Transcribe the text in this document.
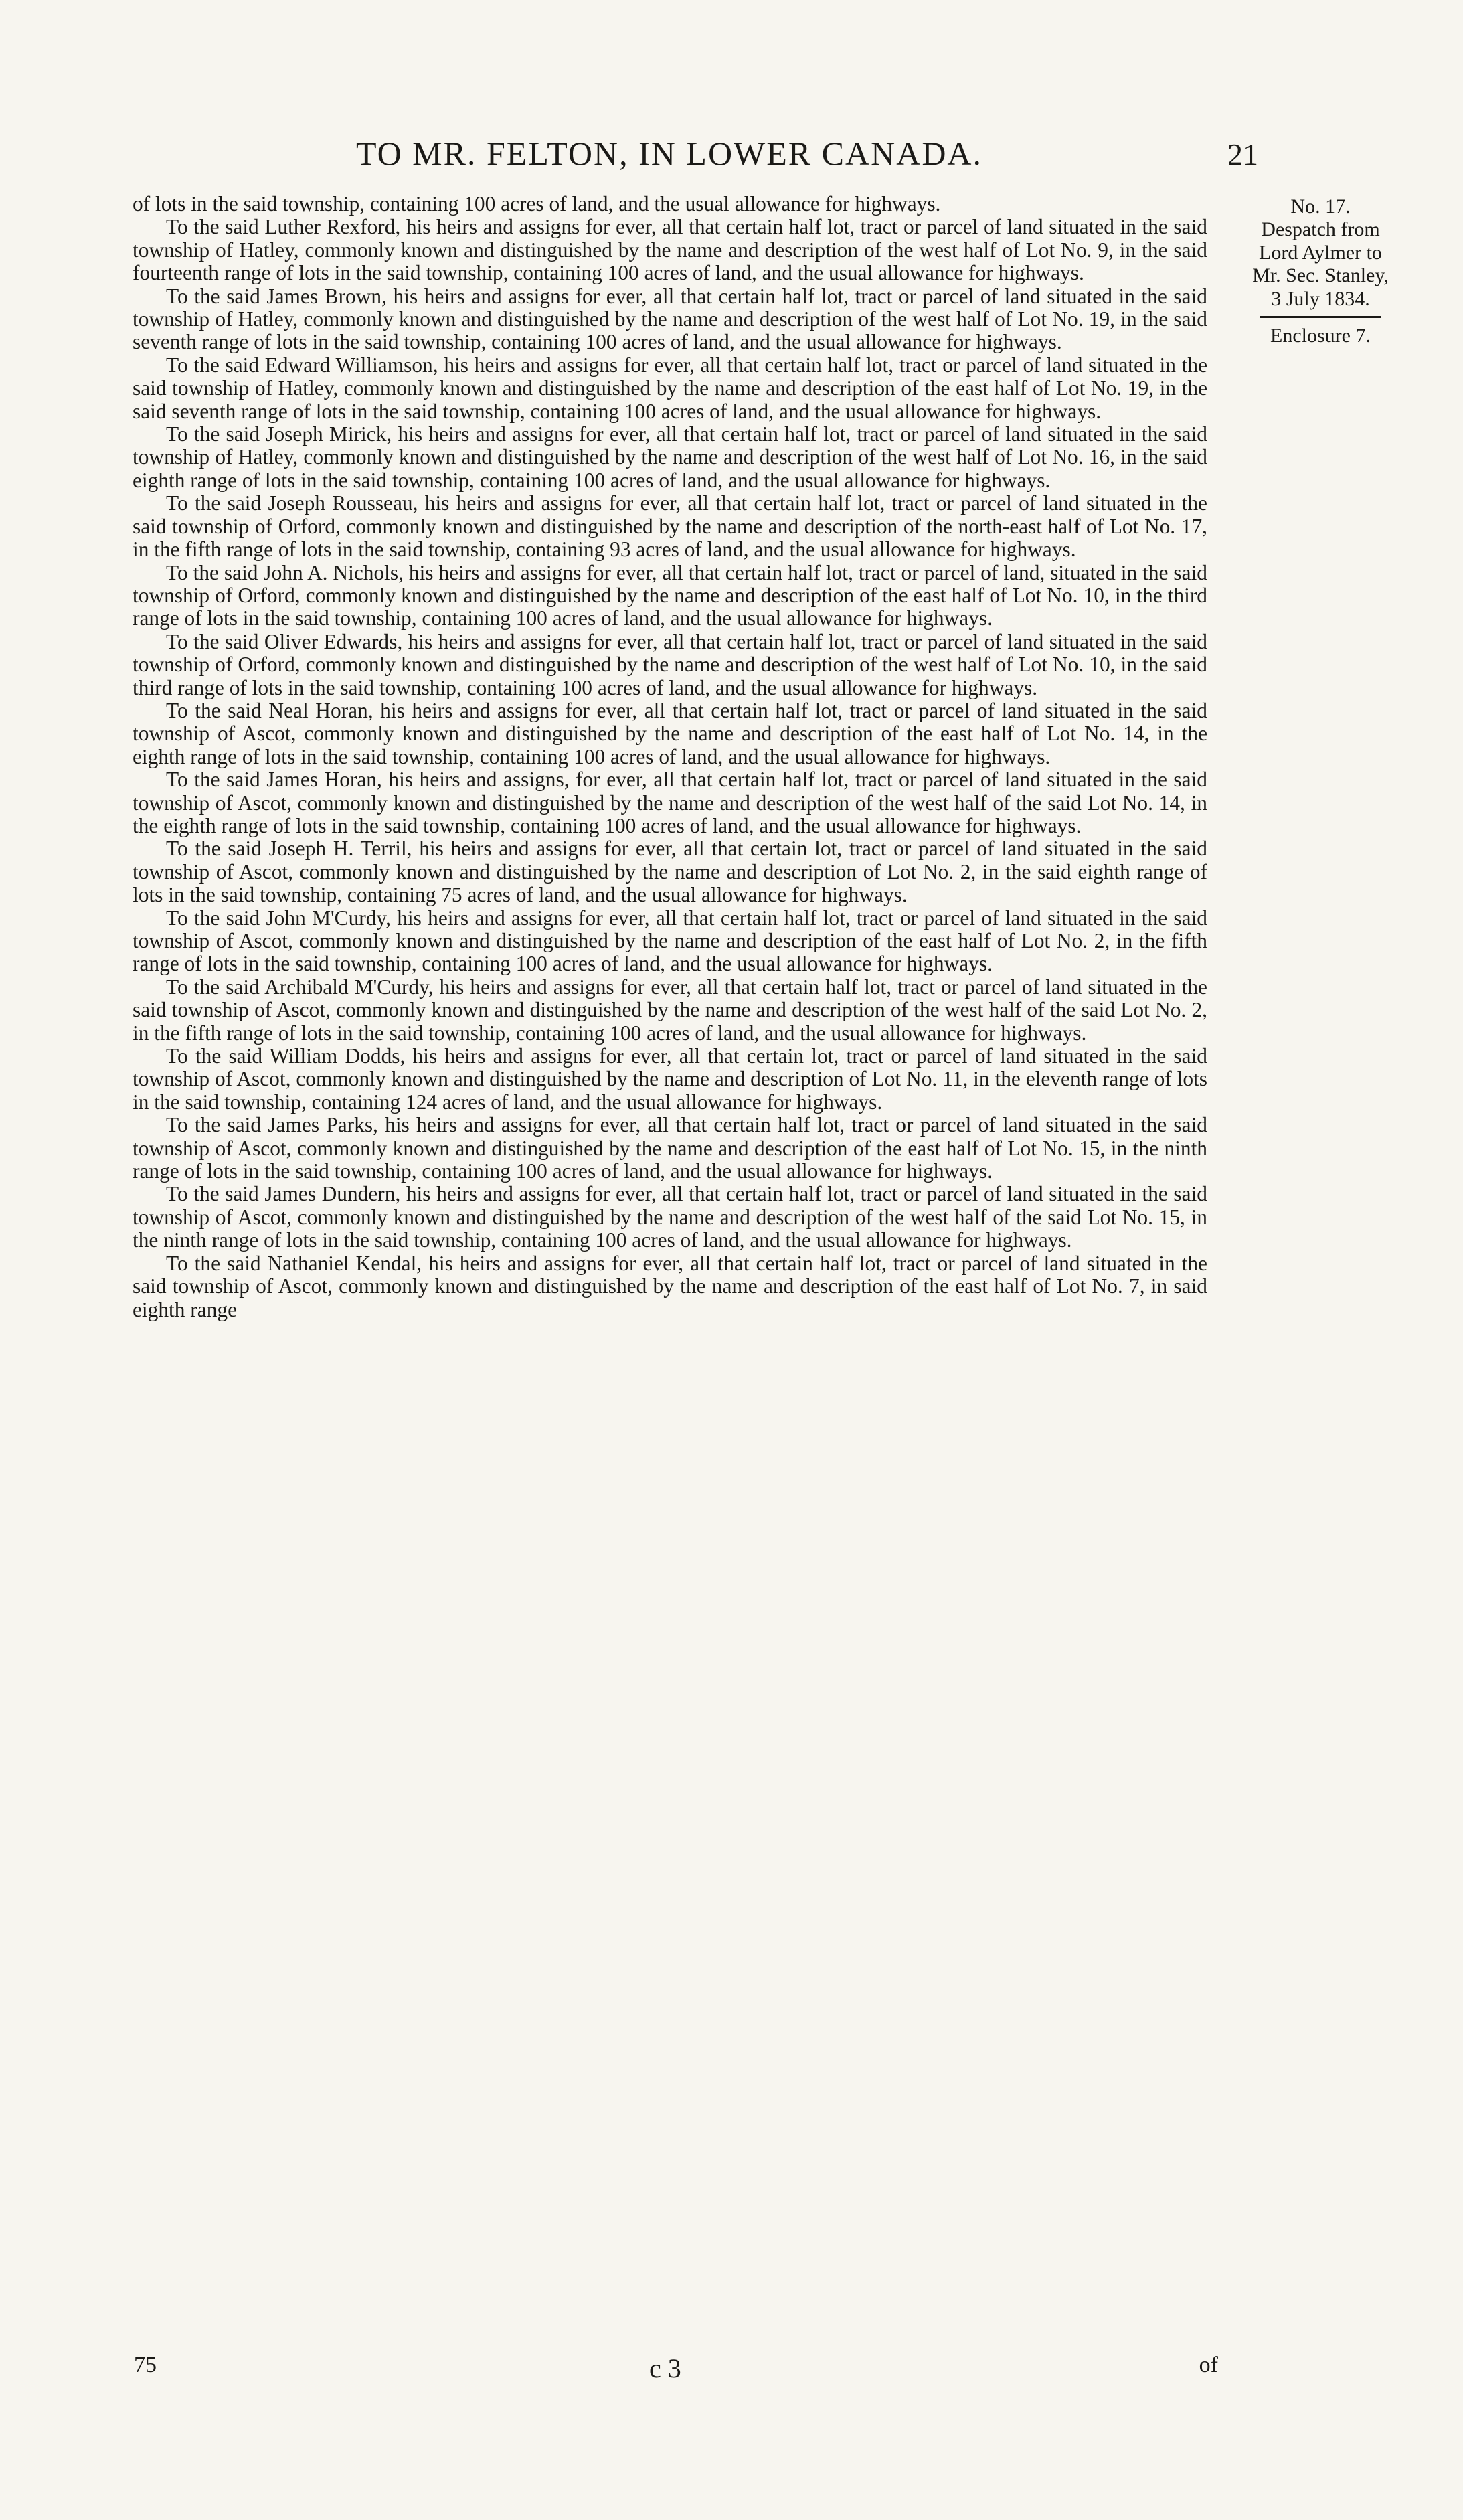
TO MR. FELTON, IN LOWER CANADA.	21
No. 17.
Despatch from
Lord Aylmer to
Mr. Sec. Stanley,
3 July 1834.
Enclosure 7.

of lots in the said township, containing 100 acres of land, and the usual allowance for highways.

To the said Luther Rexford, his heirs and assigns for ever, all that certain half lot, tract or parcel of land situated in the said township of Hatley, commonly known and distinguished by the name and description of the west half of Lot No. 9, in the said fourteenth range of lots in the said township, containing 100 acres of land, and the usual allowance for highways.

To the said James Brown, his heirs and assigns for ever, all that certain half lot, tract or parcel of land situated in the said township of Hatley, commonly known and distinguished by the name and description of the west half of Lot No. 19, in the said seventh range of lots in the said township, containing 100 acres of land, and the usual allowance for highways.

To the said Edward Williamson, his heirs and assigns for ever, all that certain half lot, tract or parcel of land situated in the said township of Hatley, commonly known and distinguished by the name and description of the east half of Lot No. 19, in the said seventh range of lots in the said township, containing 100 acres of land, and the usual allowance for highways.

To the said Joseph Mirick, his heirs and assigns for ever, all that certain half lot, tract or parcel of land situated in the said township of Hatley, commonly known and distinguished by the name and description of the west half of Lot No. 16, in the said eighth range of lots in the said township, containing 100 acres of land, and the usual allowance for highways.

To the said Joseph Rousseau, his heirs and assigns for ever, all that certain half lot, tract or parcel of land situated in the said township of Orford, commonly known and distinguished by the name and description of the north-east half of Lot No. 17, in the fifth range of lots in the said township, containing 93 acres of land, and the usual allowance for highways.

To the said John A. Nichols, his heirs and assigns for ever, all that certain half lot, tract or parcel of land, situated in the said township of Orford, commonly known and distinguished by the name and description of the east half of Lot No. 10, in the third range of lots in the said township, containing 100 acres of land, and the usual allowance for highways.

To the said Oliver Edwards, his heirs and assigns for ever, all that certain half lot, tract or parcel of land situated in the said township of Orford, commonly known and distinguished by the name and description of the west half of Lot No. 10, in the said third range of lots in the said township, containing 100 acres of land, and the usual allowance for highways.

To the said Neal Horan, his heirs and assigns for ever, all that certain half lot, tract or parcel of land situated in the said township of Ascot, commonly known and distinguished by the name and description of the east half of Lot No. 14, in the eighth range of lots in the said township, containing 100 acres of land, and the usual allowance for highways.

To the said James Horan, his heirs and assigns, for ever, all that certain half lot, tract or parcel of land situated in the said township of Ascot, commonly known and distinguished by the name and description of the west half of the said Lot No. 14, in the eighth range of lots in the said township, containing 100 acres of land, and the usual allowance for highways.

To the said Joseph H. Terril, his heirs and assigns for ever, all that certain lot, tract or parcel of land situated in the said township of Ascot, commonly known and distinguished by the name and description of Lot No. 2, in the said eighth range of lots in the said township, containing 75 acres of land, and the usual allowance for highways.

To the said John M'Curdy, his heirs and assigns for ever, all that certain half lot, tract or parcel of land situated in the said township of Ascot, commonly known and distinguished by the name and description of the east half of Lot No. 2, in the fifth range of lots in the said township, containing 100 acres of land, and the usual allowance for highways.

To the said Archibald M'Curdy, his heirs and assigns for ever, all that certain half lot, tract or parcel of land situated in the said township of Ascot, commonly known and distinguished by the name and description of the west half of the said Lot No. 2, in the fifth range of lots in the said township, containing 100 acres of land, and the usual allowance for highways.

To the said William Dodds, his heirs and assigns for ever, all that certain lot, tract or parcel of land situated in the said township of Ascot, commonly known and distinguished by the name and description of Lot No. 11, in the eleventh range of lots in the said township, containing 124 acres of land, and the usual allowance for highways.

To the said James Parks, his heirs and assigns for ever, all that certain half lot, tract or parcel of land situated in the said township of Ascot, commonly known and distinguished by the name and description of the east half of Lot No. 15, in the ninth range of lots in the said township, containing 100 acres of land, and the usual allowance for highways.

To the said James Dundern, his heirs and assigns for ever, all that certain half lot, tract or parcel of land situated in the said township of Ascot, commonly known and distinguished by the name and description of the west half of the said Lot No. 15, in the ninth range of lots in the said township, containing 100 acres of land, and the usual allowance for highways.

To the said Nathaniel Kendal, his heirs and assigns for ever, all that certain half lot, tract or parcel of land situated in the said township of Ascot, commonly known and distinguished by the name and description of the east half of Lot No. 7, in said eighth range

75	c 3	of
